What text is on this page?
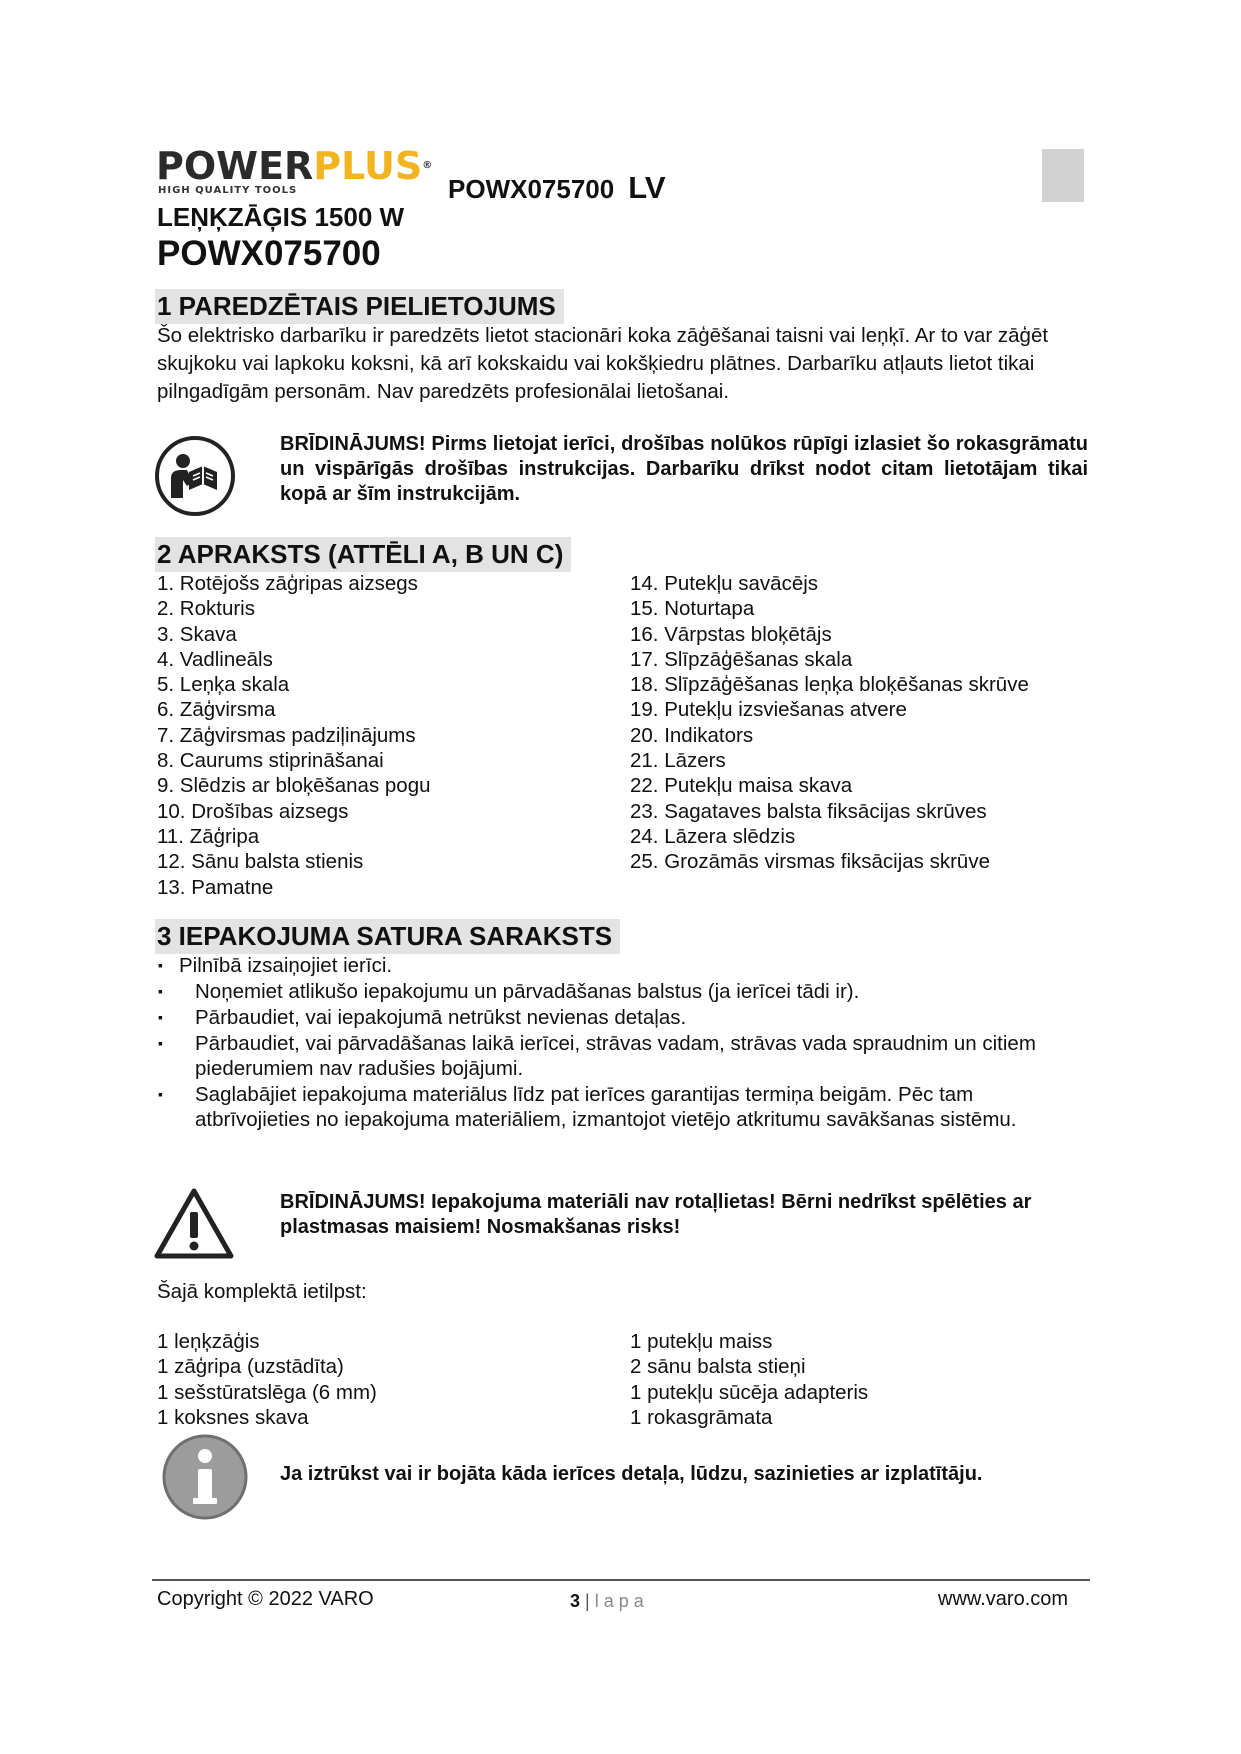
POWERPLUS®
HIGH QUALITY TOOLS	POWX075700 LV
LEŅĶZĀĢIS 1500 W
POWX075700
1 PAREDZĒTAIS PIELIETOJUMS
Šo elektrisko darbarīku ir paredzēts lietot stacionāri koka zāģēšanai taisni vai leņķī. Ar to var zāģēt skujkoku vai lapkoku koksni, kā arī kokskaidu vai kokšķiedru plātnes. Darbarīku atļauts lietot tikai pilngadīgām personām. Nav paredzēts profesionālai lietošanai.
BRĪDINĀJUMS! Pirms lietojat ierīci, drošības nolūkos rūpīgi izlasiet šo rokasgrāmatu un vispārīgās drošības instrukcijas. Darbarīku drīkst nodot citam lietotājam tikai kopā ar šīm instrukcijām.
2 APRAKSTS (ATTĒLI A, B UN C)
1. Rotējošs zāģripas aizsegs
2. Rokturis
3. Skava
4. Vadlineāls
5. Leņķa skala
6. Zāģvirsma
7. Zāģvirsmas padziļinājums
8. Caurums stiprināšanai
9. Slēdzis ar bloķēšanas pogu
10. Drošības aizsegs
11. Zāģripa
12. Sānu balsta stienis
13. Pamatne
14. Putekļu savācējs
15. Noturtapa
16. Vārpstas bloķētājs
17. Slīpzāģēšanas skala
18. Slīpzāģēšanas leņķa bloķēšanas skrūve
19. Putekļu izsviešanas atvere
20. Indikators
21. Lāzers
22. Putekļu maisa skava
23. Sagataves balsta fiksācijas skrūves
24. Lāzera slēdzis
25. Grozāmās virsmas fiksācijas skrūve
3 IEPAKOJUMA SATURA SARAKSTS
▪ Pilnībā izsaiņojiet ierīci.
▪ Noņemiet atlikušo iepakojumu un pārvadāšanas balstus (ja ierīcei tādi ir).
▪ Pārbaudiet, vai iepakojumā netrūkst nevienas detaļas.
▪ Pārbaudiet, vai pārvadāšanas laikā ierīcei, strāvas vadam, strāvas vada spraudnim un citiem piederumiem nav radušies bojājumi.
▪ Saglabājiet iepakojuma materiālus līdz pat ierīces garantijas termiņa beigām. Pēc tam atbrīvojieties no iepakojuma materiāliem, izmantojot vietējo atkritumu savākšanas sistēmu.
BRĪDINĀJUMS! Iepakojuma materiāli nav rotaļlietas! Bērni nedrīkst spēlēties ar plastmasas maisiem! Nosmakšanas risks!
Šajā komplektā ietilpst:
1 leņķzāģis
1 zāģripa (uzstādīta)
1 sešstūratslēga (6 mm)
1 koksnes skava
1 putekļu maiss
2 sānu balsta stieņi
1 putekļu sūcēja adapteris
1 rokasgrāmata
Ja iztrūkst vai ir bojāta kāda ierīces detaļa, lūdzu, sazinieties ar izplatītāju.
Copyright © 2022 VARO	3 | l a p a	www.varo.com
